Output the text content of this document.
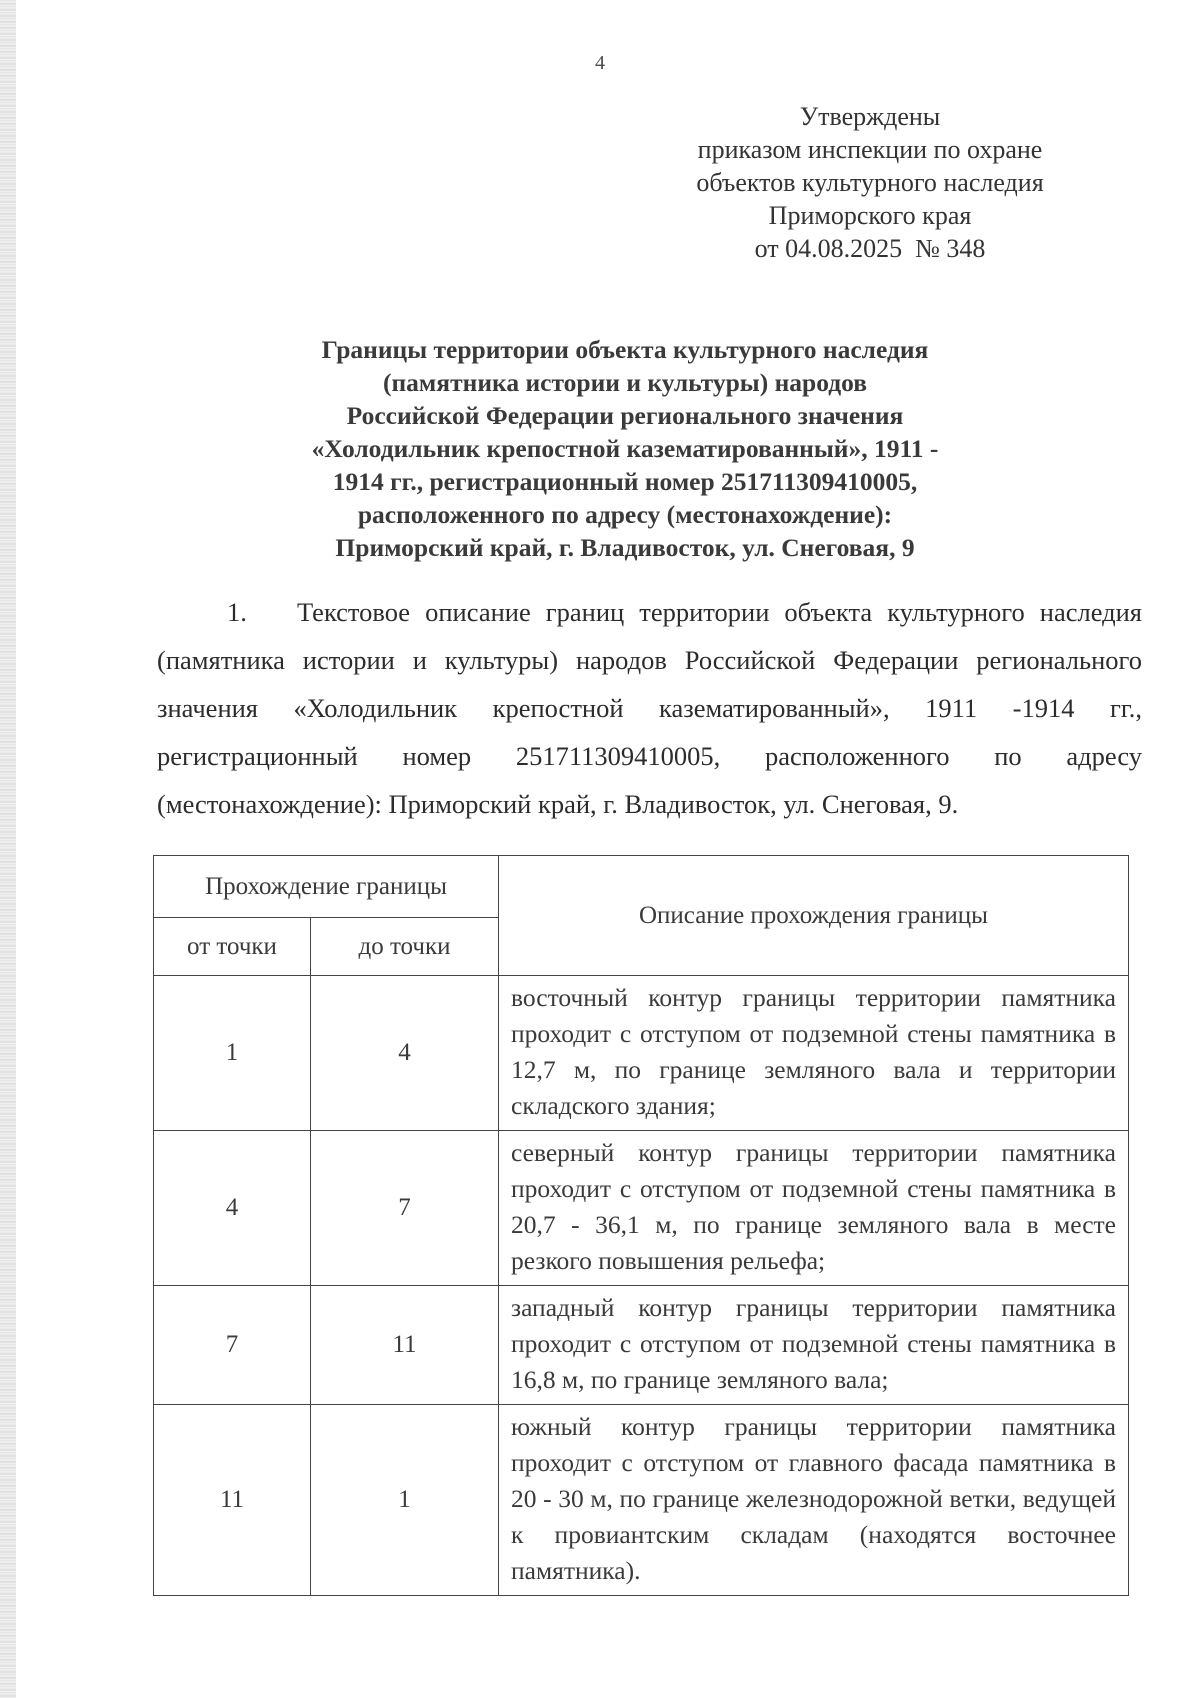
4
Утверждены
приказом инспекции по охране
объектов культурного наследия
Приморского края
от 04.08.2025  № 348
Границы территории объекта культурного наследия
(памятника истории и культуры) народов
Российской Федерации регионального значения
«Холодильник крепостной казематированный», 1911 -
1914 гг., регистрационный номер 251711309410005,
расположенного по адресу (местонахождение):
Приморский край, г. Владивосток, ул. Снеговая, 9
1. Текстовое описание границ территории объекта культурного наследия (памятника истории и культуры) народов Российской Федерации регионального значения «Холодильник крепостной казематированный», 1911 -1914 гг., регистрационный номер 251711309410005, расположенного по адресу (местонахождение): Приморский край, г. Владивосток, ул. Снеговая, 9.
Прохождение границы		Описание прохождения границы
от точки	до точки	
1	4	восточный контур границы территории памятника проходит с отступом от подземной стены памятника в 12,7 м, по границе земляного вала и территории складского здания;
4	7	северный контур границы территории памятника проходит с отступом от подземной стены памятника в 20,7 - 36,1 м, по границе земляного вала в месте резкого повышения рельефа;
7	11	западный контур границы территории памятника проходит с отступом от подземной стены памятника в 16,8 м, по границе земляного вала;
11	1	южный контур границы территории памятника проходит с отступом от главного фасада памятника в 20 - 30 м, по границе железнодорожной ветки, ведущей к провиантским складам (находятся восточнее памятника).
